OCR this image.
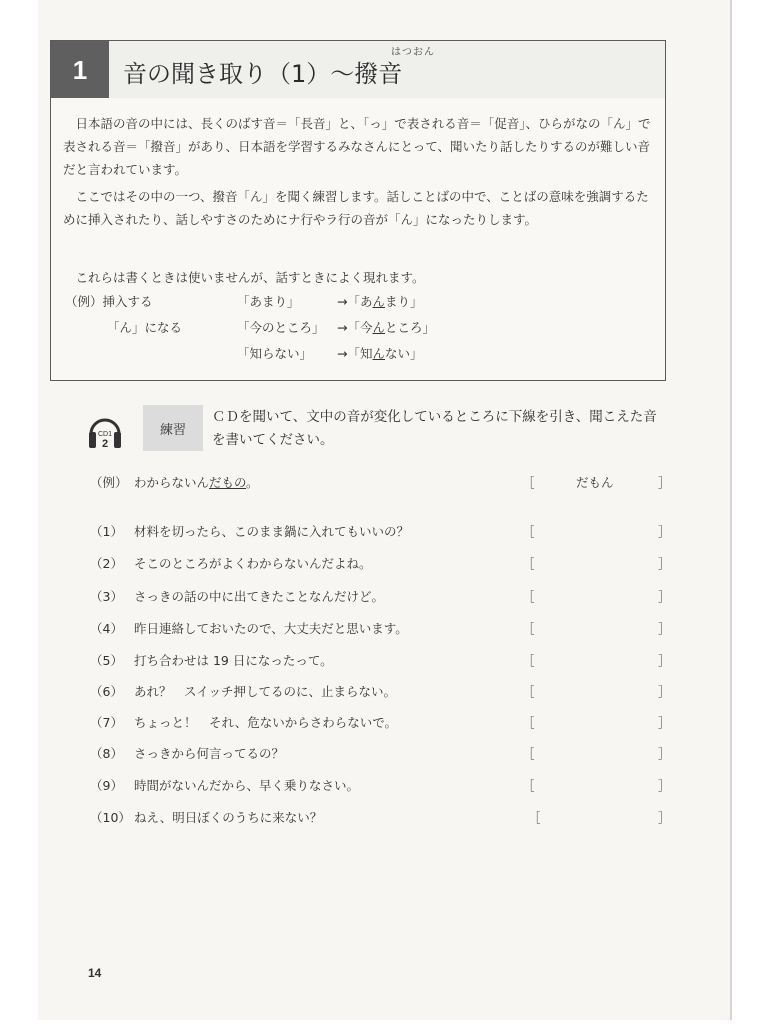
1
はつおん
音の聞き取り（1）～撥音

日本語の音の中には、長くのばす音＝「長音」と、「っ」で表される音＝「促音」、ひらがなの「ん」で表される音＝「撥音」があり、日本語を学習するみなさんにとって、聞いたり話したりするのが難しい音だと言われています。

ここではその中の一つ、撥音「ん」を聞く練習します。話しことばの中で、ことばの意味を強調するために挿入されたり、話しやすさのためにナ行やラ行の音が「ん」になったりします。

これらは書くときは使いませんが、話すときによく現れます。

（例）挿入する	「あまり」	→「あんまり」
「ん」になる	「今のところ」 →「今んところ」
「知らない」 →「知んない」
CD1
2
練習
ＣＤを聞いて、文中の音が変化しているところに下線を引き、聞こえた音を書いてください。
（例） わからないんだもの。	［	だもん	］
（1） 材料を切ったら、このまま鍋に入れてもいいの？	［	］
（2） そこのところがよくわからないんだよね。	［	］
（3） さっきの話の中に出てきたことなんだけど。	［	］
（4） 昨日連絡しておいたので、大丈夫だと思います。	［	］
（5） 打ち合わせは 19 日になったって。	［	］
（6） あれ？　スイッチ押してるのに、止まらない。	［	］
（7） ちょっと！　それ、危ないからさわらないで。	［	］
（8） さっきから何言ってるの？	［	］
（9） 時間がないんだから、早く乗りなさい。	［	］
（10） ねえ、明日ぼくのうちに来ない？	［	］
14
